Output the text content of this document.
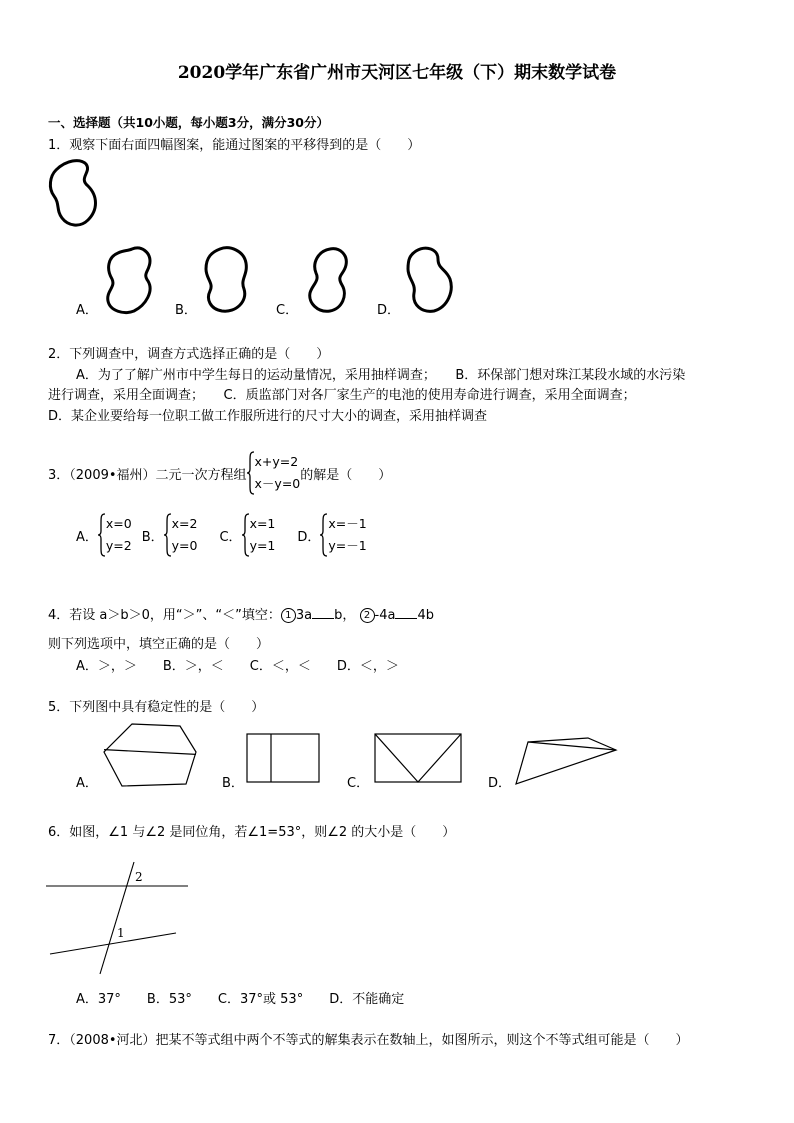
2020学年广东省广州市天河区七年级（下）期末数学试卷
一、选择题（共10小题，每小题3分，满分30分）
1．观察下面右面四幅图案，能通过图案的平移得到的是（　　）
A．	B．	C．	D．
2．下列调查中，调查方式选择正确的是（　　）
A．为了了解广州市中学生每日的运动量情况，采用抽样调查；　　B．环保部门想对珠江某段水域的水污染
进行调查，采用全面调查；　　C．质监部门对各厂家生产的电池的使用寿命进行调查，采用全面调查；
D．某企业要给每一位职工做工作服所进行的尺寸大小的调查，采用抽样调查
3．（2009•福州）二元一次方程组
x+y=2
x－y=0
的解是（　　）
A．
x=0
y=2
B．
x=2
y=0
C．
x=1
y=1
D．
x=－1
y=－1
4．若设 a＞b＞0，用“＞”、“＜”填空： 1 3a b， 2 -4a 4b
则下列选项中，填空正确的是（　　）
A．＞，＞　　B．＞，＜　　C．＜，＜　　D．＜，＞
5．下列图中具有稳定性的是（　　）
A．	B．	C．	D．
6．如图，∠1 与∠2 是同位角，若∠1=53°，则∠2 的大小是（　　）
2
1
A．37°　　B．53°　　C．37°或 53°　　D．不能确定
7．（2008•河北）把某不等式组中两个不等式的解集表示在数轴上，如图所示，则这个不等式组可能是（　　）
